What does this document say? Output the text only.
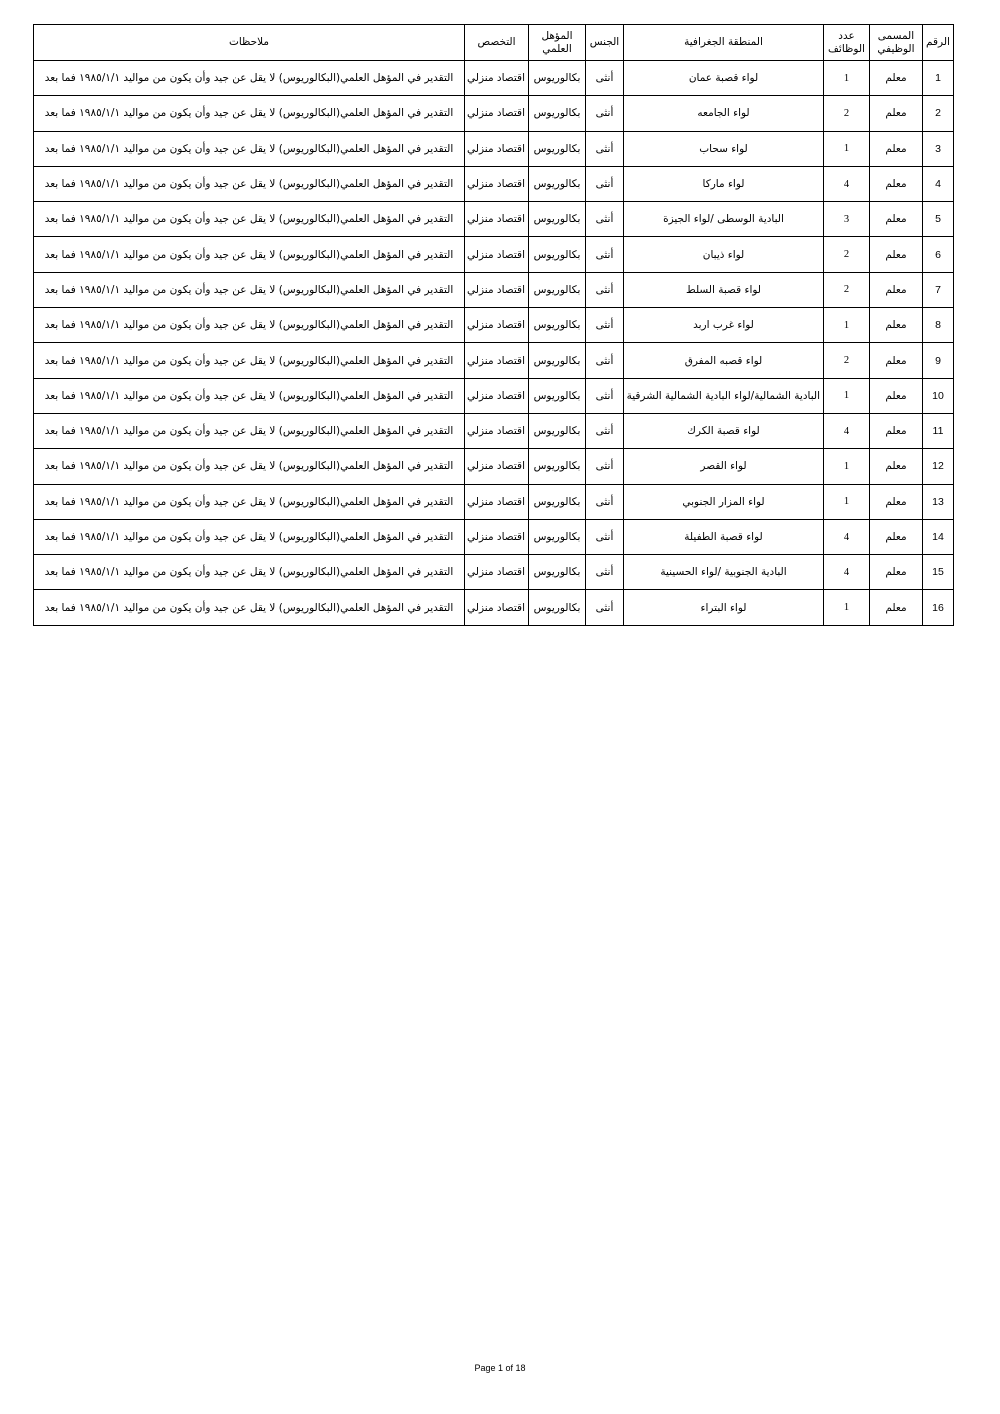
الرقم	المسمى الوظيفي	عدد الوظائف	المنطقة الجغرافية	الجنس	المؤهل العلمي	التخصص	ملاحظات
1	معلم	1	لواء قصبة عمان	أنثى	بكالوريوس	اقتصاد منزلي	التقدير في المؤهل العلمي(البكالوريوس) لا يقل عن جيد وأن يكون من مواليد ١٩٨٥/١/١ فما بعد
2	معلم	2	لواء الجامعه	أنثى	بكالوريوس	اقتصاد منزلي	التقدير في المؤهل العلمي(البكالوريوس) لا يقل عن جيد وأن يكون من مواليد ١٩٨٥/١/١ فما بعد
3	معلم	1	لواء سحاب	أنثى	بكالوريوس	اقتصاد منزلي	التقدير في المؤهل العلمي(البكالوريوس) لا يقل عن جيد وأن يكون من مواليد ١٩٨٥/١/١ فما بعد
4	معلم	4	لواء ماركا	أنثى	بكالوريوس	اقتصاد منزلي	التقدير في المؤهل العلمي(البكالوريوس) لا يقل عن جيد وأن يكون من مواليد ١٩٨٥/١/١ فما بعد
5	معلم	3	البادية الوسطى /لواء الجيزة	أنثى	بكالوريوس	اقتصاد منزلي	التقدير في المؤهل العلمي(البكالوريوس) لا يقل عن جيد وأن يكون من مواليد ١٩٨٥/١/١ فما بعد
6	معلم	2	لواء ذيبان	أنثى	بكالوريوس	اقتصاد منزلي	التقدير في المؤهل العلمي(البكالوريوس) لا يقل عن جيد وأن يكون من مواليد ١٩٨٥/١/١ فما بعد
7	معلم	2	لواء قصبة السلط	أنثى	بكالوريوس	اقتصاد منزلي	التقدير في المؤهل العلمي(البكالوريوس) لا يقل عن جيد وأن يكون من مواليد ١٩٨٥/١/١ فما بعد
8	معلم	1	لواء غرب اربد	أنثى	بكالوريوس	اقتصاد منزلي	التقدير في المؤهل العلمي(البكالوريوس) لا يقل عن جيد وأن يكون من مواليد ١٩٨٥/١/١ فما بعد
9	معلم	2	لواء قصبه المفرق	أنثى	بكالوريوس	اقتصاد منزلي	التقدير في المؤهل العلمي(البكالوريوس) لا يقل عن جيد وأن يكون من مواليد ١٩٨٥/١/١ فما بعد
10	معلم	1	البادية الشمالية/لواء البادية الشمالية الشرقية	أنثى	بكالوريوس	اقتصاد منزلي	التقدير في المؤهل العلمي(البكالوريوس) لا يقل عن جيد وأن يكون من مواليد ١٩٨٥/١/١ فما بعد
11	معلم	4	لواء قصبة الكرك	أنثى	بكالوريوس	اقتصاد منزلي	التقدير في المؤهل العلمي(البكالوريوس) لا يقل عن جيد وأن يكون من مواليد ١٩٨٥/١/١ فما بعد
12	معلم	1	لواء القصر	أنثى	بكالوريوس	اقتصاد منزلي	التقدير في المؤهل العلمي(البكالوريوس) لا يقل عن جيد وأن يكون من مواليد ١٩٨٥/١/١ فما بعد
13	معلم	1	لواء المزار الجنوبي	أنثى	بكالوريوس	اقتصاد منزلي	التقدير في المؤهل العلمي(البكالوريوس) لا يقل عن جيد وأن يكون من مواليد ١٩٨٥/١/١ فما بعد
14	معلم	4	لواء قصبة الطفيلة	أنثى	بكالوريوس	اقتصاد منزلي	التقدير في المؤهل العلمي(البكالوريوس) لا يقل عن جيد وأن يكون من مواليد ١٩٨٥/١/١ فما بعد
15	معلم	4	البادية الجنوبية /لواء الحسينية	أنثى	بكالوريوس	اقتصاد منزلي	التقدير في المؤهل العلمي(البكالوريوس) لا يقل عن جيد وأن يكون من مواليد ١٩٨٥/١/١ فما بعد
16	معلم	1	لواء البتراء	أنثى	بكالوريوس	اقتصاد منزلي	التقدير في المؤهل العلمي(البكالوريوس) لا يقل عن جيد وأن يكون من مواليد ١٩٨٥/١/١ فما بعد
Page 1 of 18
